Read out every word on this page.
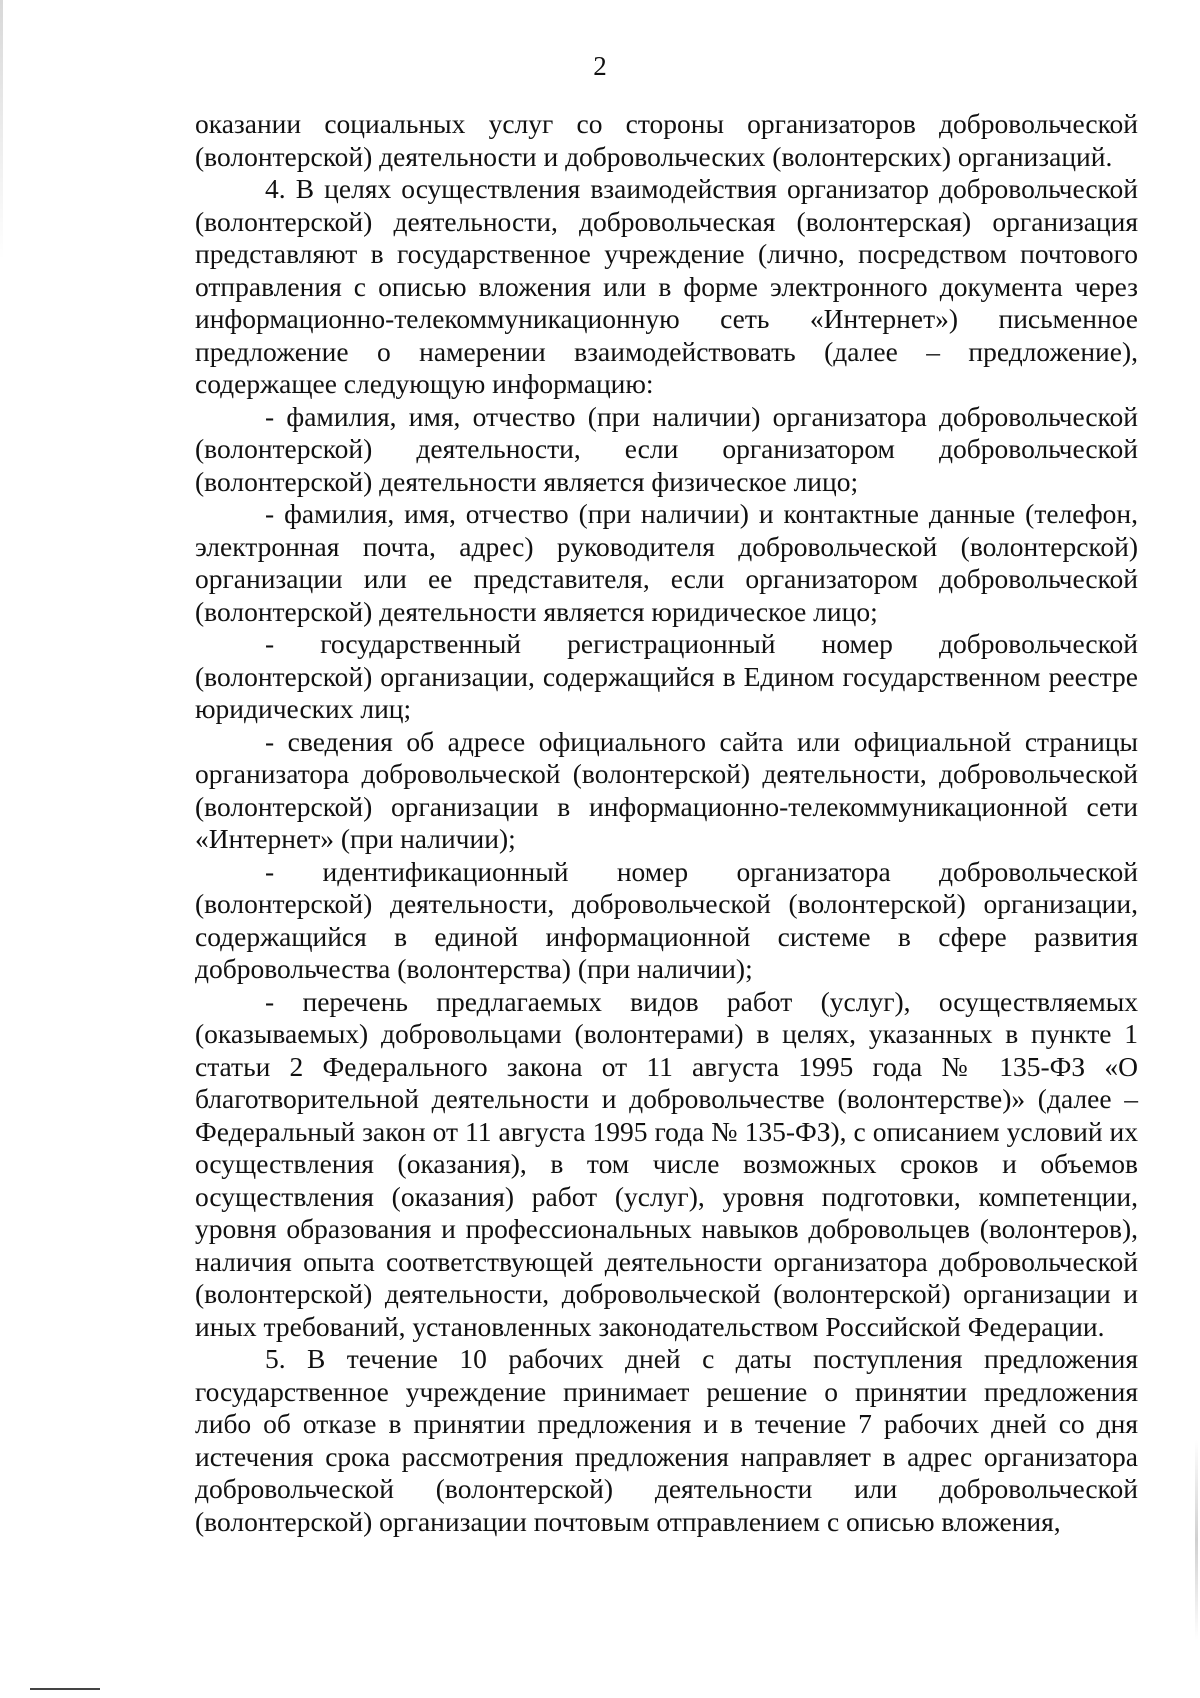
2

оказании социальных услуг со стороны организаторов добровольческой (волонтерской) деятельности и добровольческих (волонтерских) организаций.

4. В целях осуществления взаимодействия организатор добровольческой (волонтерской) деятельности, добровольческая (волонтерская) организация представляют в государственное учреждение (лично, посредством почтового отправления с описью вложения или в форме электронного документа через информационно-телекоммуникационную сеть «Интернет») письменное предложение о намерении взаимодействовать (далее – предложение), содержащее следующую информацию:

- фамилия, имя, отчество (при наличии) организатора добровольческой (волонтерской) деятельности, если организатором добровольческой (волонтерской) деятельности является физическое лицо;

- фамилия, имя, отчество (при наличии) и контактные данные (телефон, электронная почта, адрес) руководителя добровольческой (волонтерской) организации или ее представителя, если организатором добровольческой (волонтерской) деятельности является юридическое лицо;

- государственный регистрационный номер добровольческой (волонтерской) организации, содержащийся в Едином государственном реестре юридических лиц;

- сведения об адресе официального сайта или официальной страницы организатора добровольческой (волонтерской) деятельности, добровольческой (волонтерской) организации в информационно-телекоммуникационной сети «Интернет» (при наличии);

- идентификационный номер организатора добровольческой (волонтерской) деятельности, добровольческой (волонтерской) организации, содержащийся в единой информационной системе в сфере развития добровольчества (волонтерства) (при наличии);

- перечень предлагаемых видов работ (услуг), осуществляемых (оказываемых) добровольцами (волонтерами) в целях, указанных в пункте 1 статьи 2 Федерального закона от 11 августа 1995 года № 135-ФЗ «О благотворительной деятельности и добровольчестве (волонтерстве)» (далее – Федеральный закон от 11 августа 1995 года № 135-ФЗ), с описанием условий их осуществления (оказания), в том числе возможных сроков и объемов осуществления (оказания) работ (услуг), уровня подготовки, компетенции, уровня образования и профессиональных навыков добровольцев (волонтеров), наличия опыта соответствующей деятельности организатора добровольческой (волонтерской) деятельности, добровольческой (волонтерской) организации и иных требований, установленных законодательством Российской Федерации.

5. В течение 10 рабочих дней с даты поступления предложения государственное учреждение принимает решение о принятии предложения либо об отказе в принятии предложения и в течение 7 рабочих дней со дня истечения срока рассмотрения предложения направляет в адрес организатора добровольческой (волонтерской) деятельности или добровольческой (волонтерской) организации почтовым отправлением с описью вложения,
